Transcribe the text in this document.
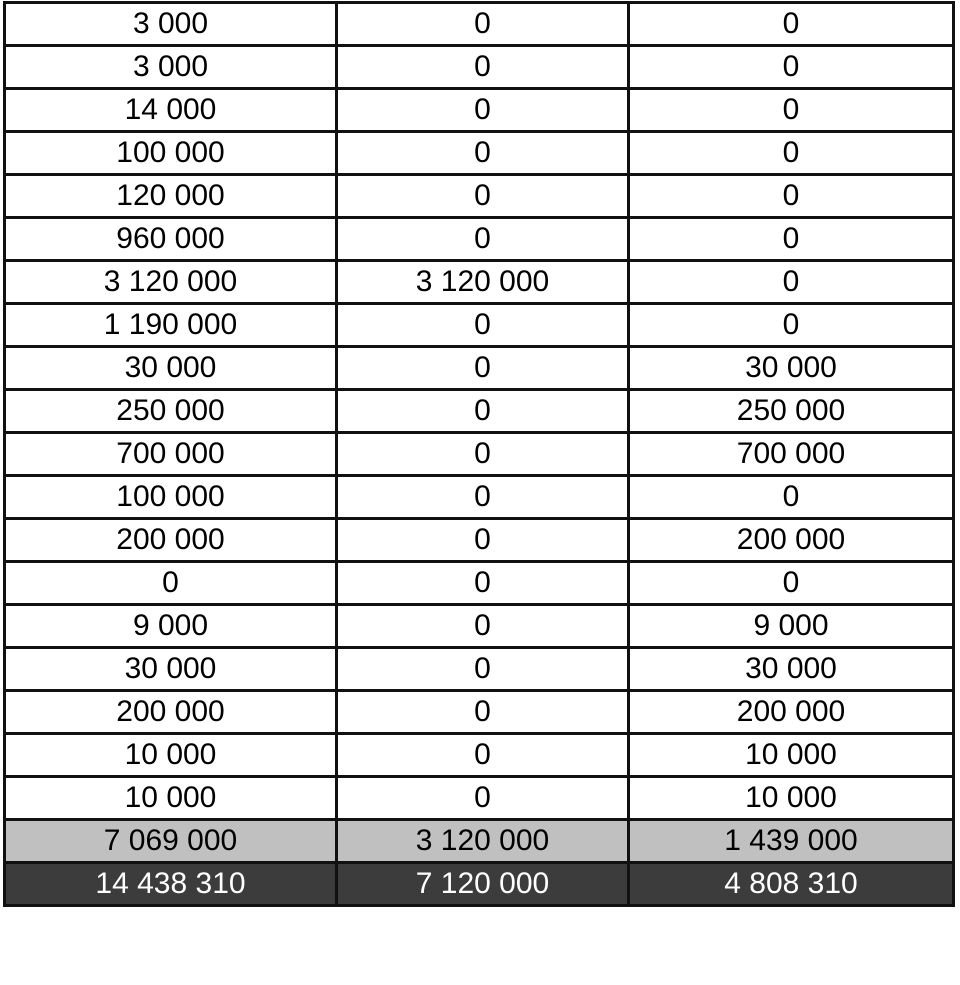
3 000	0	0
3 000	0	0
14 000	0	0
100 000	0	0
120 000	0	0
960 000	0	0
3 120 000	3 120 000	0
1 190 000	0	0
30 000	0	30 000
250 000	0	250 000
700 000	0	700 000
100 000	0	0
200 000	0	200 000
0	0	0
9 000	0	9 000
30 000	0	30 000
200 000	0	200 000
10 000	0	10 000
10 000	0	10 000
7 069 000	3 120 000	1 439 000
14 438 310	7 120 000	4 808 310
